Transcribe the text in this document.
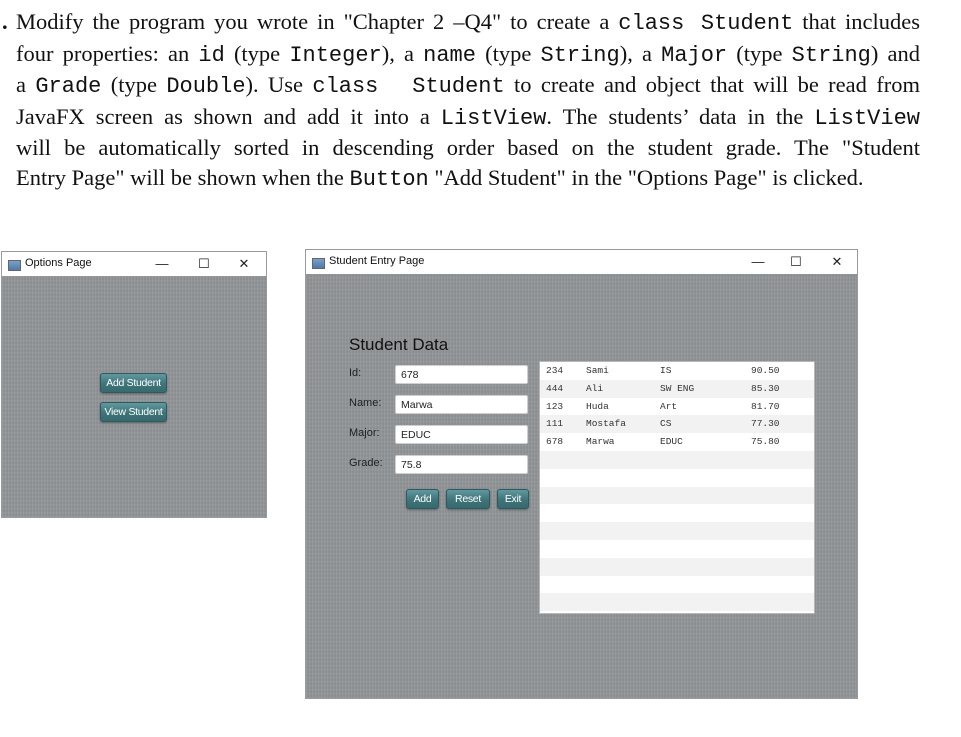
. Modify the program you wrote in "Chapter 2 –Q4" to create a class Student that includes
four properties: an id (type Integer), a name (type String), a Major (type String) and
a Grade (type Double). Use class  Student to create and object that will be read from
JavaFX screen as shown and add it into a ListView. The students’ data in the ListView
will be automatically sorted in descending order based on the student grade. The "Student
Entry Page" will be shown when the Button "Add Student" in the "Options Page" is clicked.
Options Page	—	☐	✕
Add Student
View Student
Student Entry Page	—	☐	✕
Student Data
Id:
678
Name:
Marwa
Major:
EDUC
Grade:
75.8
Add	Reset	Exit
234 Sami	IS	90.50
444 Ali	SW ENG	85.30
123 Huda	Art	81.70
111 Mostafa	CS	77.30
678 Marwa	EDUC	75.80
